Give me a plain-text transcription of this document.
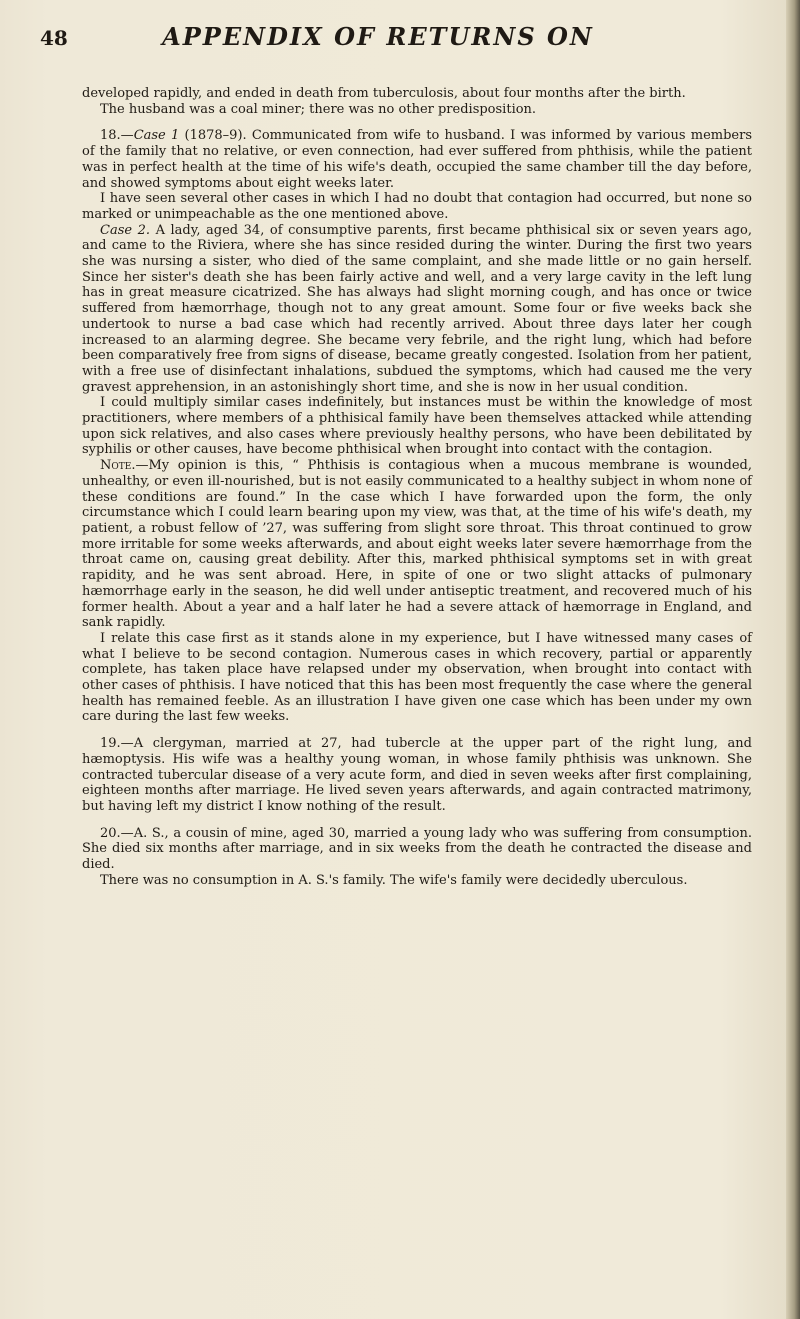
48	APPENDIX OF RETURNS ON

developed rapidly, and ended in death from tuberculosis, about four months after the birth.

The husband was a coal miner; there was no other predisposition.

18.—Case 1 (1878–9). Communicated from wife to husband. I was informed by various members of the family that no relative, or even connection, had ever suffered from phthisis, while the patient was in perfect health at the time of his wife's death, occupied the same chamber till the day before, and showed symptoms about eight weeks later.

I have seen several other cases in which I had no doubt that contagion had occurred, but none so marked or unimpeachable as the one mentioned above.

Case 2. A lady, aged 34, of consumptive parents, first became phthisical six or seven years ago, and came to the Riviera, where she has since resided during the winter. During the first two years she was nursing a sister, who died of the same complaint, and she made little or no gain herself. Since her sister's death she has been fairly active and well, and a very large cavity in the left lung has in great measure cicatrized. She has always had slight morning cough, and has once or twice suffered from hæmorrhage, though not to any great amount. Some four or five weeks back she undertook to nurse a bad case which had recently arrived. About three days later her cough increased to an alarming degree. She became very febrile, and the right lung, which had before been comparatively free from signs of disease, became greatly congested. Isolation from her patient, with a free use of disinfectant inhalations, subdued the symptoms, which had caused me the very gravest apprehension, in an astonishingly short time, and she is now in her usual condition.

I could multiply similar cases indefinitely, but instances must be within the knowledge of most practitioners, where members of a phthisical family have been themselves attacked while attending upon sick relatives, and also cases where previously healthy persons, who have been debilitated by syphilis or other causes, have become phthisical when brought into contact with the contagion.

Note.—My opinion is this, “ Phthisis is contagious when a mucous membrane is wounded, unhealthy, or even ill-nourished, but is not easily communicated to a healthy subject in whom none of these conditions are found.” In the case which I have forwarded upon the form, the only circumstance which I could learn bearing upon my view, was that, at the time of his wife's death, my patient, a robust fellow of ’27, was suffering from slight sore throat. This throat continued to grow more irritable for some weeks afterwards, and about eight weeks later severe hæmorrhage from the throat came on, causing great debility. After this, marked phthisical symptoms set in with great rapidity, and he was sent abroad. Here, in spite of one or two slight attacks of pulmonary hæmorrhage early in the season, he did well under antiseptic treatment, and recovered much of his former health. About a year and a half later he had a severe attack of hæmorrage in England, and sank rapidly.

I relate this case first as it stands alone in my experience, but I have witnessed many cases of what I believe to be second contagion. Numerous cases in which recovery, partial or apparently complete, has taken place have relapsed under my observation, when brought into contact with other cases of phthisis. I have noticed that this has been most frequently the case where the general health has remained feeble. As an illustration I have given one case which has been under my own care during the last few weeks.

19.—A clergyman, married at 27, had tubercle at the upper part of the right lung, and hæmoptysis. His wife was a healthy young woman, in whose family phthisis was unknown. She contracted tubercular disease of a very acute form, and died in seven weeks after first complaining, eighteen months after marriage. He lived seven years afterwards, and again contracted matrimony, but having left my district I know nothing of the result.

20.—A. S., a cousin of mine, aged 30, married a young lady who was suffering from consumption. She died six months after marriage, and in six weeks from the death he contracted the disease and died.

There was no consumption in A. S.'s family. The wife's family were decidedly uberculous.
